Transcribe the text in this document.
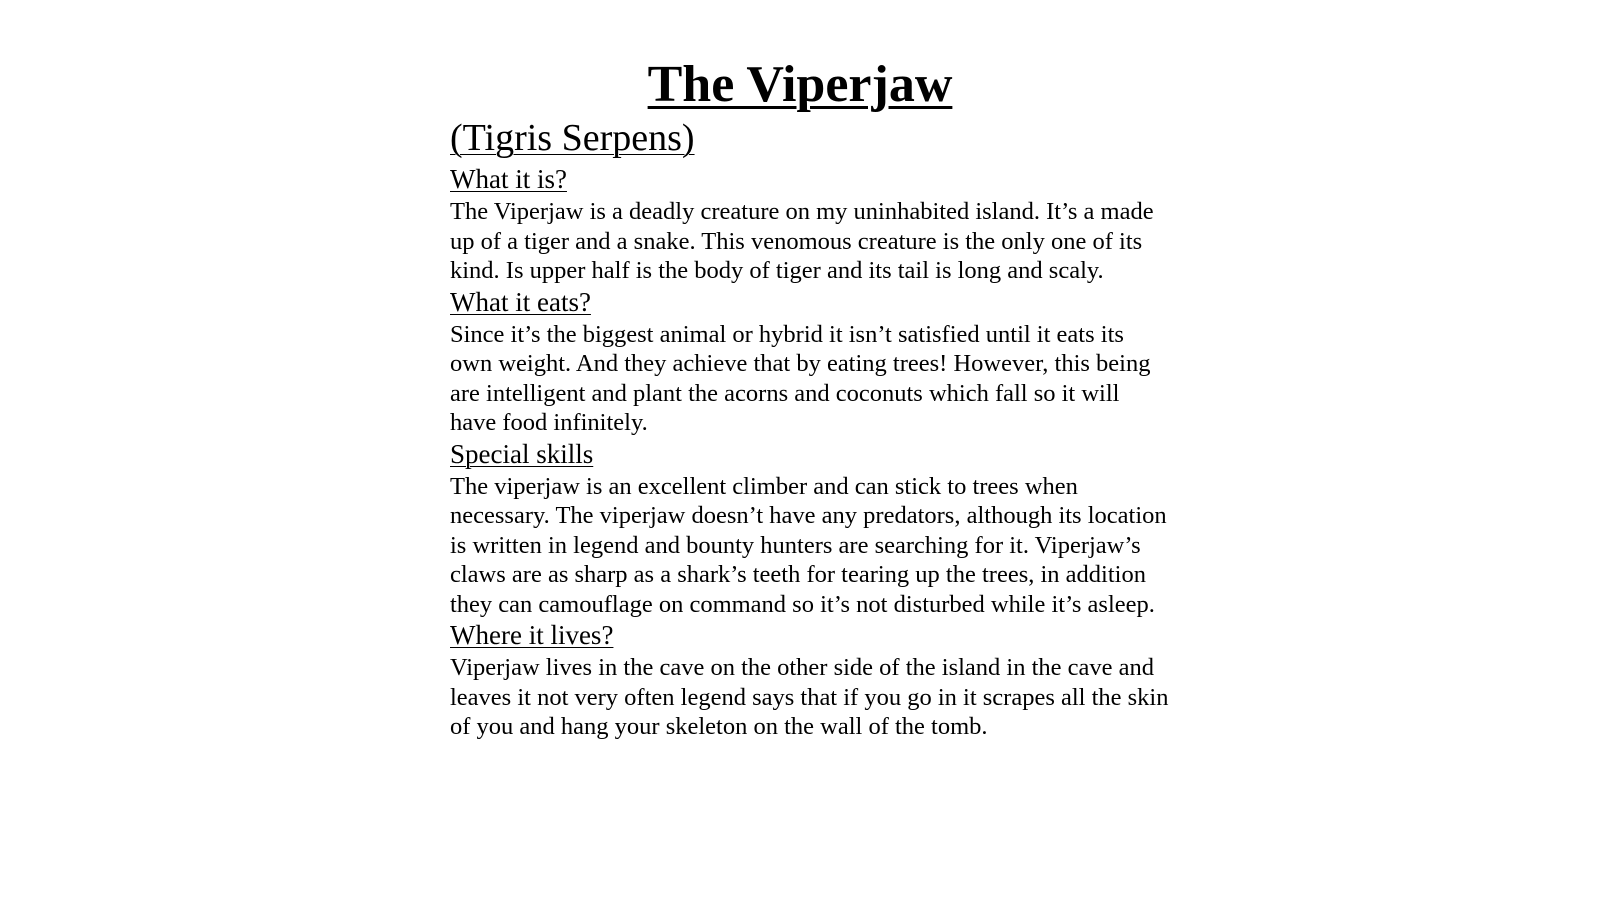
The Viperjaw

(Tigris Serpens)

What it is?

The Viperjaw is a deadly creature on my uninhabited island. It’s a made up of a tiger and a snake. This venomous creature is the only one of its kind. Is upper half is the body of tiger and its tail is long and scaly.

What it eats?

Since it’s the biggest animal or hybrid it isn’t satisfied until it eats its own weight. And they achieve that by eating trees! However, this being are intelligent and plant the acorns and coconuts which fall so it will have food infinitely.

Special skills

The viperjaw is an excellent climber and can stick to trees when necessary. The viperjaw doesn’t have any predators, although its location is written in legend and bounty hunters are searching for it. Viperjaw’s claws are as sharp as a shark’s teeth for tearing up the trees, in addition they can camouflage on command so it’s not disturbed while it’s asleep.

Where it lives?

Viperjaw lives in the cave on the other side of the island in the cave and leaves it not very often legend says that if you go in it scrapes all the skin of you and hang your skeleton on the wall of the tomb.
